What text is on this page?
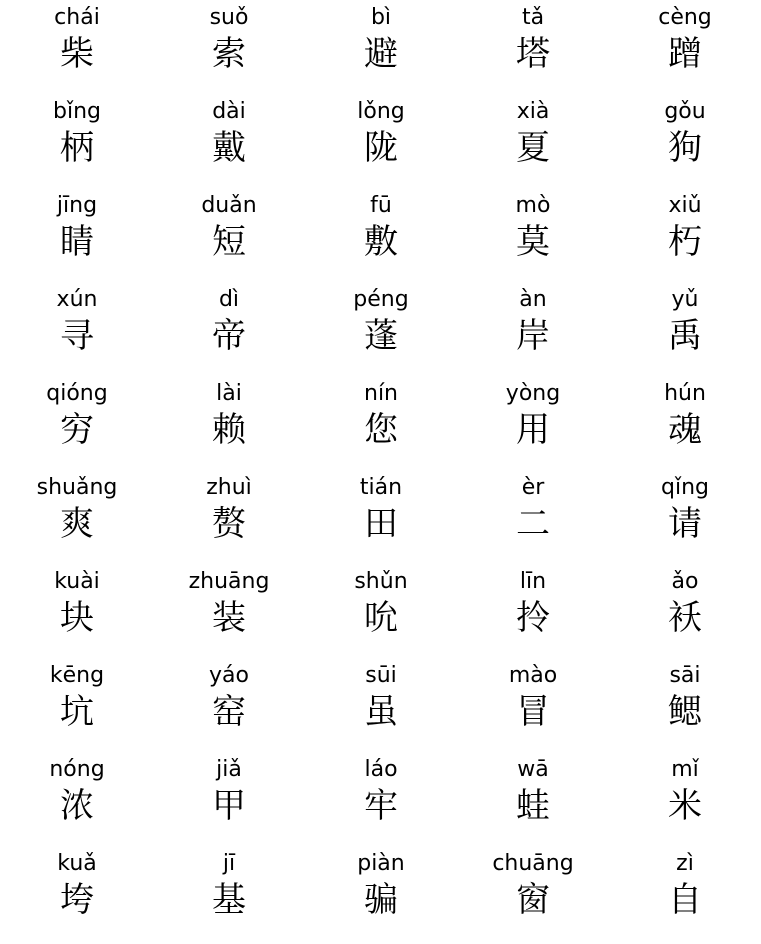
chái
柴
suǒ
索
bì
避
tǎ
塔
cèng
蹭
bǐng
柄
dài
戴
lǒng
陇
xià
夏
gǒu
狗
jīng
睛
duǎn
短
fū
敷
mò
莫
xiǔ
朽
xún
寻
dì
帝
péng
蓬
àn
岸
yǔ
禹
qióng
穷
lài
赖
nín
您
yòng
用
hún
魂
shuǎng
爽
zhuì
赘
tián
田
èr
二
qǐng
请
kuài
块
zhuāng
装
shǔn
吮
līn
拎
ǎo
袄
kēng
坑
yáo
窑
sūi
虽
mào
冒
sāi
鳃
nóng
浓
jiǎ
甲
láo
牢
wā
蛙
mǐ
米
kuǎ
垮
jī
基
piàn
骗
chuāng
窗
zì
自
